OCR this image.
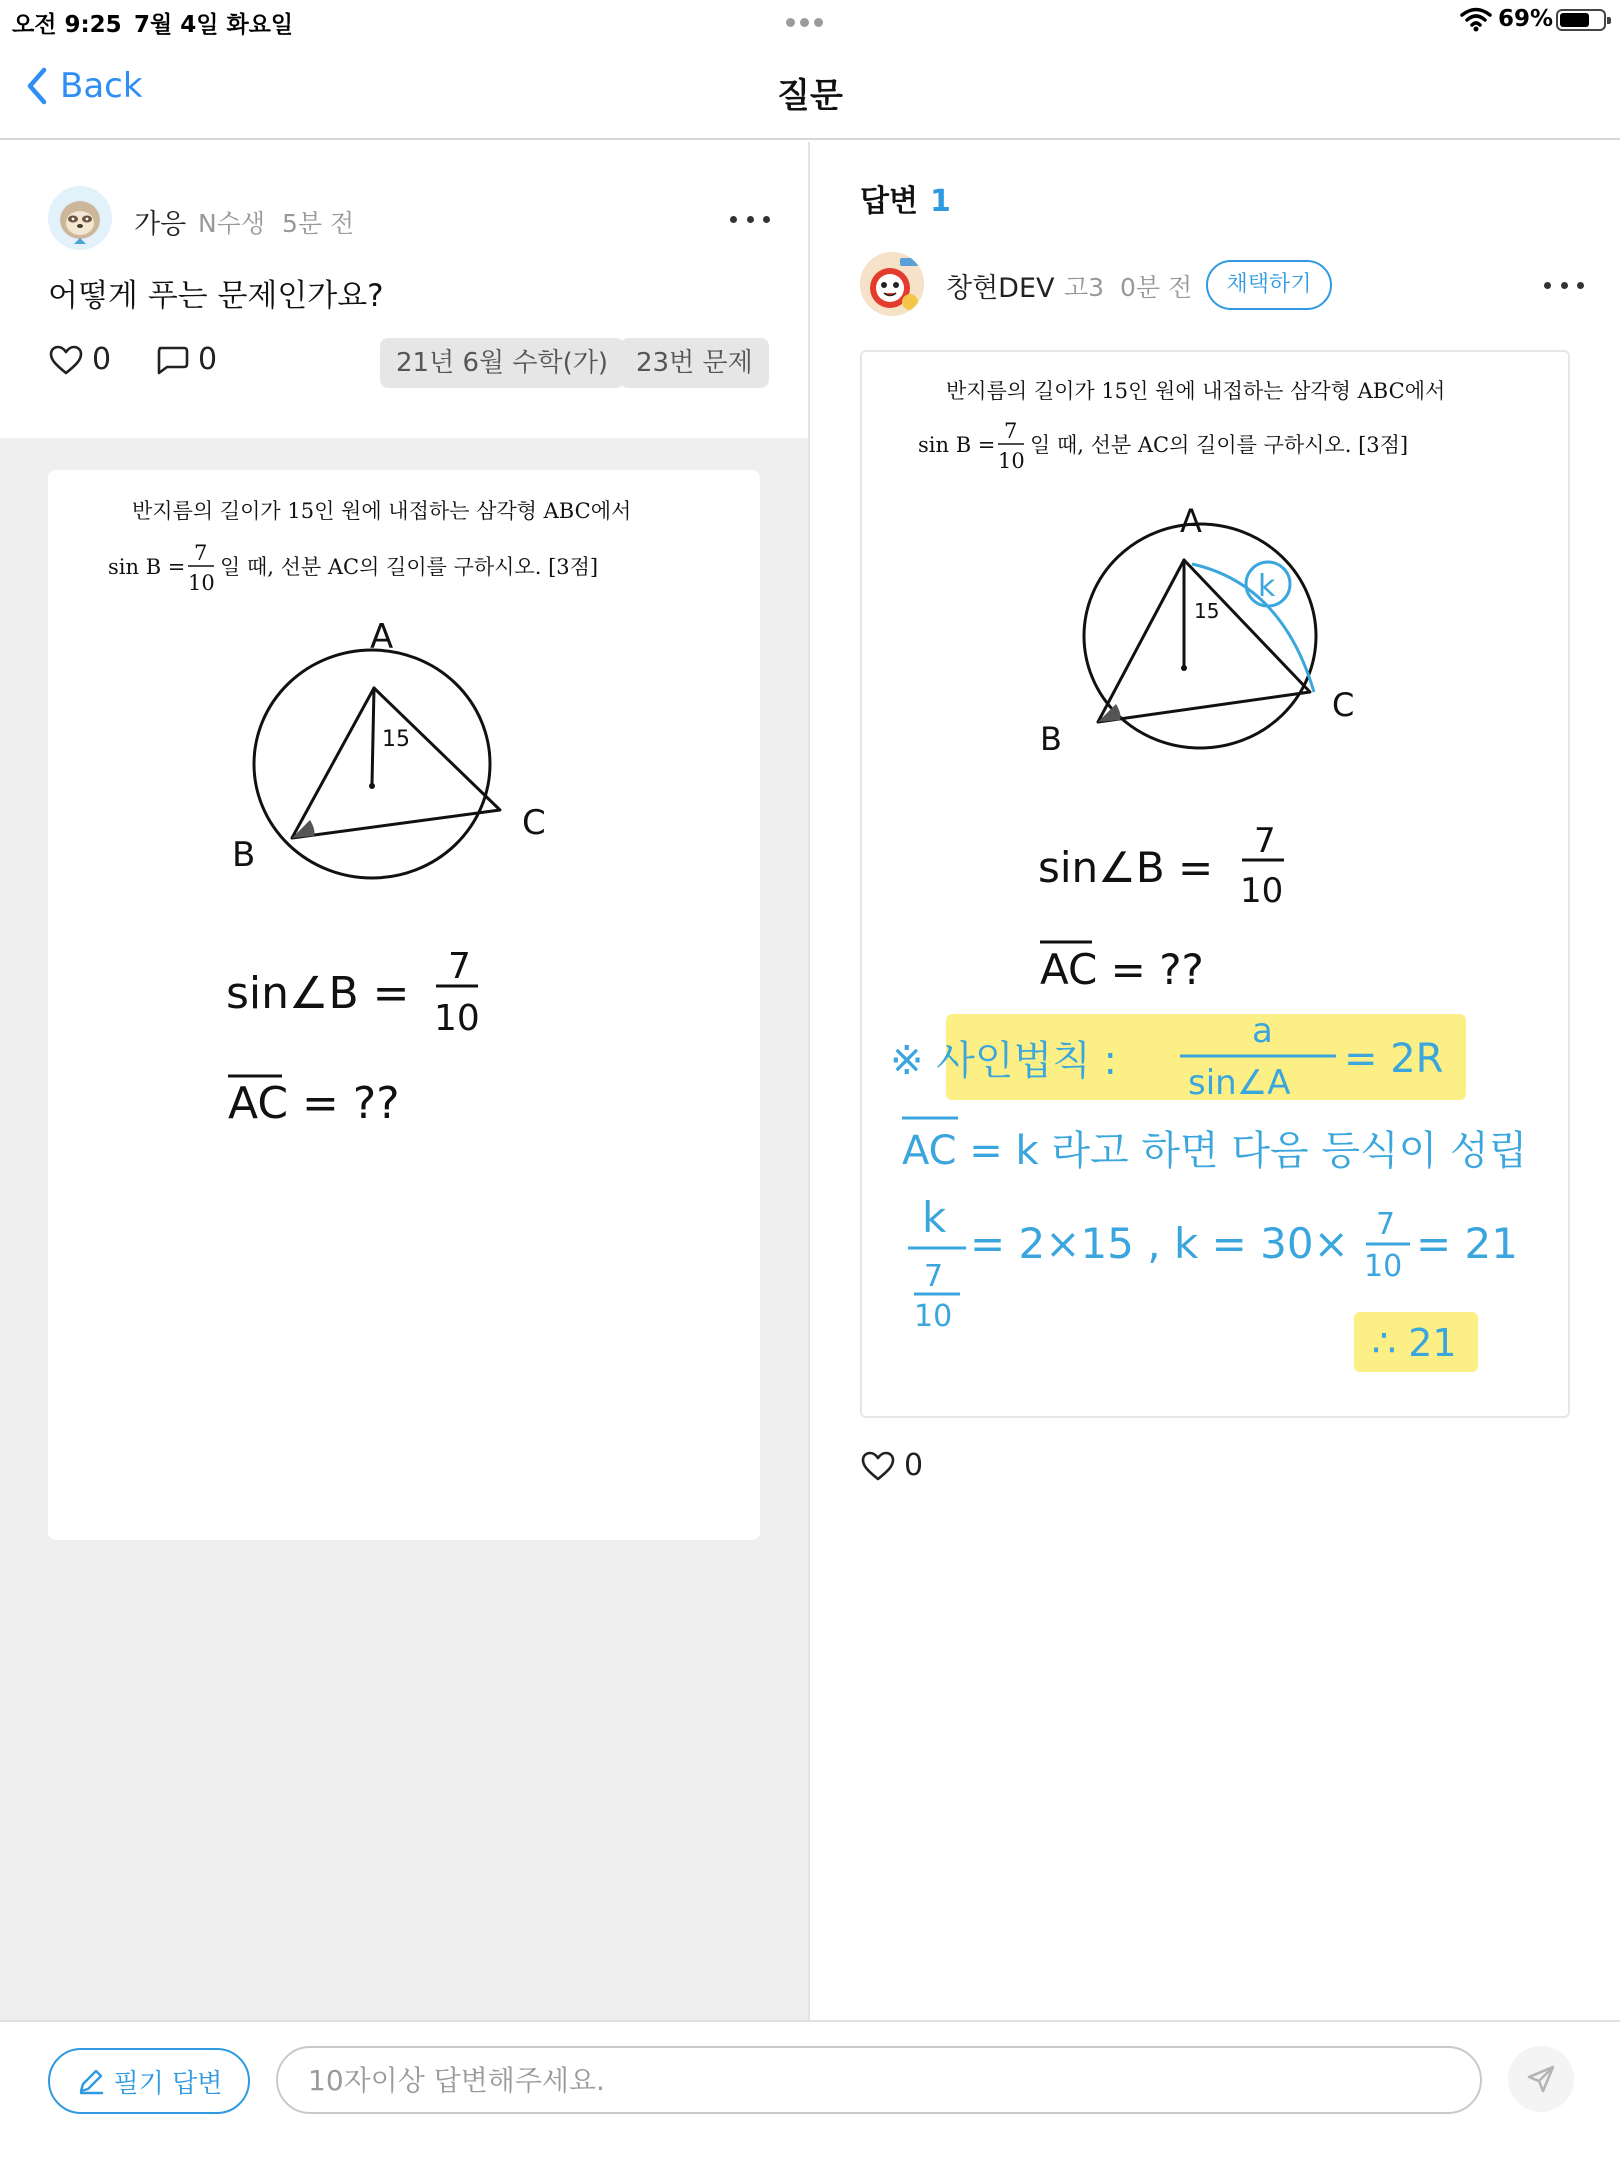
오전 9:25 7월 4일 화요일	69%
Back	질문
가응 N수생 5분 전
어떻게 푸는 문제인가요?
0	0	21년 6월 수학(가)	23번 문제
반지름의 길이가 15인 원에 내접하는 삼각형 ABC에서
sin B =
7
10
일 때, 선분 AC의 길이를 구하시오. [3점]
A
B
C
15
sin∠B =
7
10
AC = ??
답변 1
창현DEV 고3 0분 전	채택하기
반지름의 길이가 15인 원에 내접하는 삼각형 ABC에서
sin B =
7
10
일 때, 선분 AC의 길이를 구하시오. [3점]
k
A
B
C
15
sin∠B =
7
10
AC = ??
※ 사인법칙 :
a
sin∠A
= 2R
AC = k 라고 하면 다음 등식이 성립
k
7
10
= 2×15 , k = 30× 7
10 = 21
∴ 21
0
필기 답변
10자이상 답변해주세요.
